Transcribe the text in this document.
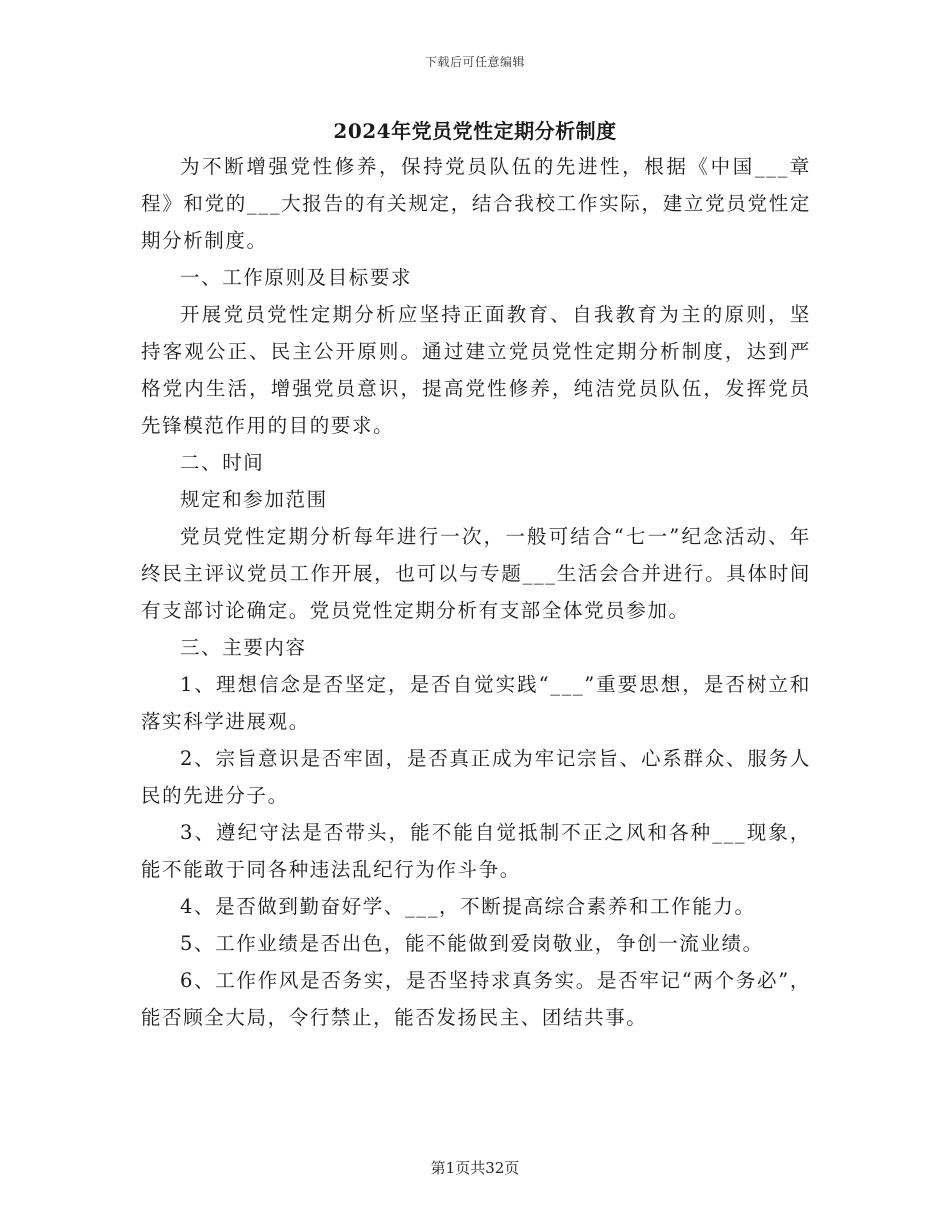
下载后可任意编辑
2024年党员党性定期分析制度

为不断增强党性修养，保持党员队伍的先进性，根据《中国___章程》和党的___大报告的有关规定，结合我校工作实际，建立党员党性定期分析制度。

一、工作原则及目标要求

开展党员党性定期分析应坚持正面教育、自我教育为主的原则，坚持客观公正、民主公开原则。通过建立党员党性定期分析制度，达到严格党内生活，增强党员意识，提高党性修养，纯洁党员队伍，发挥党员先锋模范作用的目的要求。

二、时间

规定和参加范围

党员党性定期分析每年进行一次，一般可结合“七一”纪念活动、年终民主评议党员工作开展，也可以与专题___生活会合并进行。具体时间有支部讨论确定。党员党性定期分析有支部全体党员参加。

三、主要内容

1、理想信念是否坚定，是否自觉实践“___”重要思想，是否树立和落实科学进展观。

2、宗旨意识是否牢固，是否真正成为牢记宗旨、心系群众、服务人民的先进分子。

3、遵纪守法是否带头，能不能自觉抵制不正之风和各种___现象，能不能敢于同各种违法乱纪行为作斗争。

4、是否做到勤奋好学、___，不断提高综合素养和工作能力。

5、工作业绩是否出色，能不能做到爱岗敬业，争创一流业绩。

6、工作作风是否务实，是否坚持求真务实。是否牢记“两个务必”，能否顾全大局，令行禁止，能否发扬民主、团结共事。

第1页共32页
